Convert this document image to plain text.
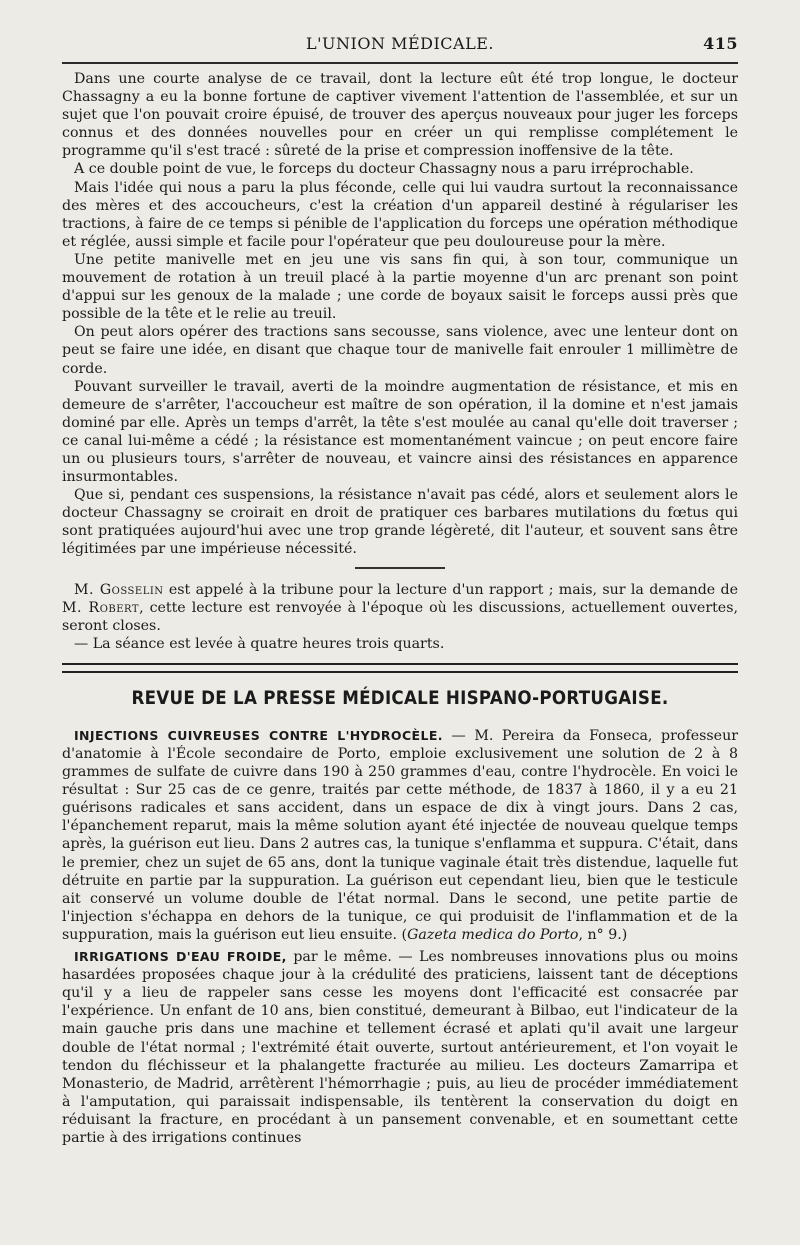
L'UNION MÉDICALE.	415

Dans une courte analyse de ce travail, dont la lecture eût été trop longue, le docteur Chassagny a eu la bonne fortune de captiver vivement l'attention de l'assemblée, et sur un sujet que l'on pouvait croire épuisé, de trouver des aperçus nouveaux pour juger les forceps connus et des données nouvelles pour en créer un qui remplisse complétement le programme qu'il s'est tracé : sûreté de la prise et compression inoffensive de la tête.

A ce double point de vue, le forceps du docteur Chassagny nous a paru irréprochable.

Mais l'idée qui nous a paru la plus féconde, celle qui lui vaudra surtout la reconnaissance des mères et des accoucheurs, c'est la création d'un appareil destiné à régulariser les tractions, à faire de ce temps si pénible de l'application du forceps une opération méthodique et réglée, aussi simple et facile pour l'opérateur que peu douloureuse pour la mère.

Une petite manivelle met en jeu une vis sans fin qui, à son tour, communique un mouvement de rotation à un treuil placé à la partie moyenne d'un arc prenant son point d'appui sur les genoux de la malade ; une corde de boyaux saisit le forceps aussi près que possible de la tête et le relie au treuil.

On peut alors opérer des tractions sans secousse, sans violence, avec une lenteur dont on peut se faire une idée, en disant que chaque tour de manivelle fait enrouler 1 millimètre de corde.

Pouvant surveiller le travail, averti de la moindre augmentation de résistance, et mis en demeure de s'arrêter, l'accoucheur est maître de son opération, il la domine et n'est jamais dominé par elle. Après un temps d'arrêt, la tête s'est moulée au canal qu'elle doit traverser ; ce canal lui-même a cédé ; la résistance est momentanément vaincue ; on peut encore faire un ou plusieurs tours, s'arrêter de nouveau, et vaincre ainsi des résistances en apparence insurmontables.

Que si, pendant ces suspensions, la résistance n'avait pas cédé, alors et seulement alors le docteur Chassagny se croirait en droit de pratiquer ces barbares mutilations du fœtus qui sont pratiquées aujourd'hui avec une trop grande légèreté, dit l'auteur, et souvent sans être légitimées par une impérieuse nécessité.

M. Gosselin est appelé à la tribune pour la lecture d'un rapport ; mais, sur la demande de M. Robert, cette lecture est renvoyée à l'époque où les discussions, actuellement ouvertes, seront closes.

— La séance est levée à quatre heures trois quarts.

REVUE DE LA PRESSE MÉDICALE HISPANO-PORTUGAISE.

INJECTIONS CUIVREUSES CONTRE L'HYDROCÈLE. — M. Pereira da Fonseca, professeur d'anatomie à l'École secondaire de Porto, emploie exclusivement une solution de 2 à 8 grammes de sulfate de cuivre dans 190 à 250 grammes d'eau, contre l'hydrocèle. En voici le résultat : Sur 25 cas de ce genre, traités par cette méthode, de 1837 à 1860, il y a eu 21 guérisons radicales et sans accident, dans un espace de dix à vingt jours. Dans 2 cas, l'épanchement reparut, mais la même solution ayant été injectée de nouveau quelque temps après, la guérison eut lieu. Dans 2 autres cas, la tunique s'enflamma et suppura. C'était, dans le premier, chez un sujet de 65 ans, dont la tunique vaginale était très distendue, laquelle fut détruite en partie par la suppuration. La guérison eut cependant lieu, bien que le testicule ait conservé un volume double de l'état normal. Dans le second, une petite partie de l'injection s'échappa en dehors de la tunique, ce qui produisit de l'inflammation et de la suppuration, mais la guérison eut lieu ensuite. (Gazeta medica do Porto, n° 9.)

IRRIGATIONS D'EAU FROIDE, par le même. — Les nombreuses innovations plus ou moins hasardées proposées chaque jour à la crédulité des praticiens, laissent tant de déceptions qu'il y a lieu de rappeler sans cesse les moyens dont l'efficacité est consacrée par l'expérience. Un enfant de 10 ans, bien constitué, demeurant à Bilbao, eut l'indicateur de la main gauche pris dans une machine et tellement écrasé et aplati qu'il avait une largeur double de l'état normal ; l'extrémité était ouverte, surtout antérieurement, et l'on voyait le tendon du fléchisseur et la phalangette fracturée au milieu. Les docteurs Zamarripa et Monasterio, de Madrid, arrêtèrent l'hémorrhagie ; puis, au lieu de procéder immédiatement à l'amputation, qui paraissait indispensable, ils tentèrent la conservation du doigt en réduisant la fracture, en procédant à un pansement convenable, et en soumettant cette partie à des irrigations continues
